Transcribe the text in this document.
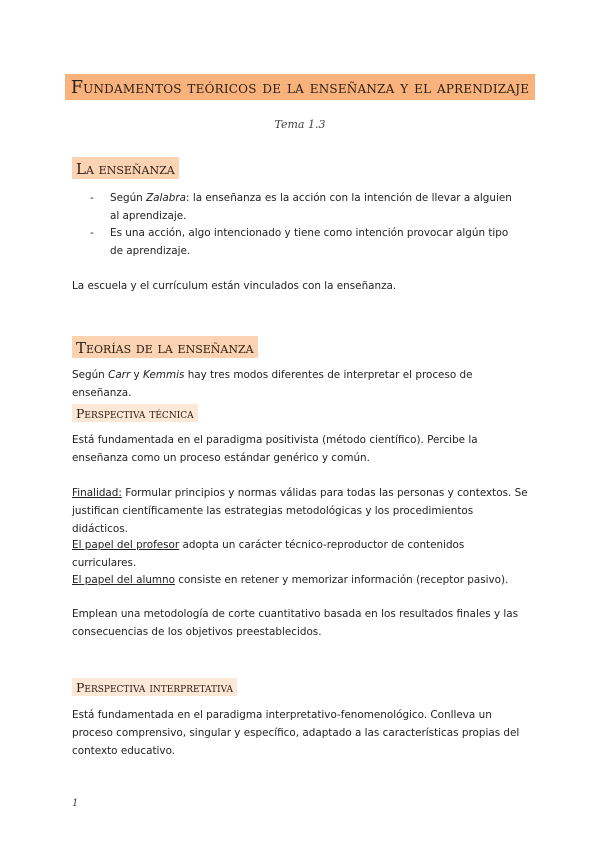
Fundamentos teóricos de la enseñanza y el aprendizaje
Tema 1.3
La enseñanza
- Según Zalabra: la enseñanza es la acción con la intención de llevar a alguien al aprendizaje.
- Es una acción, algo intencionado y tiene como intención provocar algún tipo de aprendizaje.

La escuela y el currículum están vinculados con la enseñanza.

Teorías de la enseñanza

Según Carr y Kemmis hay tres modos diferentes de interpretar el proceso de enseñanza.

Perspectiva técnica

Está fundamentada en el paradigma positivista (método científico). Percibe la enseñanza como un proceso estándar genérico y común.

Finalidad: Formular principios y normas válidas para todas las personas y contextos. Se justifican científicamente las estrategias metodológicas y los procedimientos didácticos.

El papel del profesor adopta un carácter técnico-reproductor de contenidos curriculares.

El papel del alumno consiste en retener y memorizar información (receptor pasivo).

Emplean una metodología de corte cuantitativo basada en los resultados finales y las consecuencias de los objetivos preestablecidos.

Perspectiva interpretativa

Está fundamentada en el paradigma interpretativo-fenomenológico. Conlleva un proceso comprensivo, singular y específico, adaptado a las características propias del contexto educativo.

1
